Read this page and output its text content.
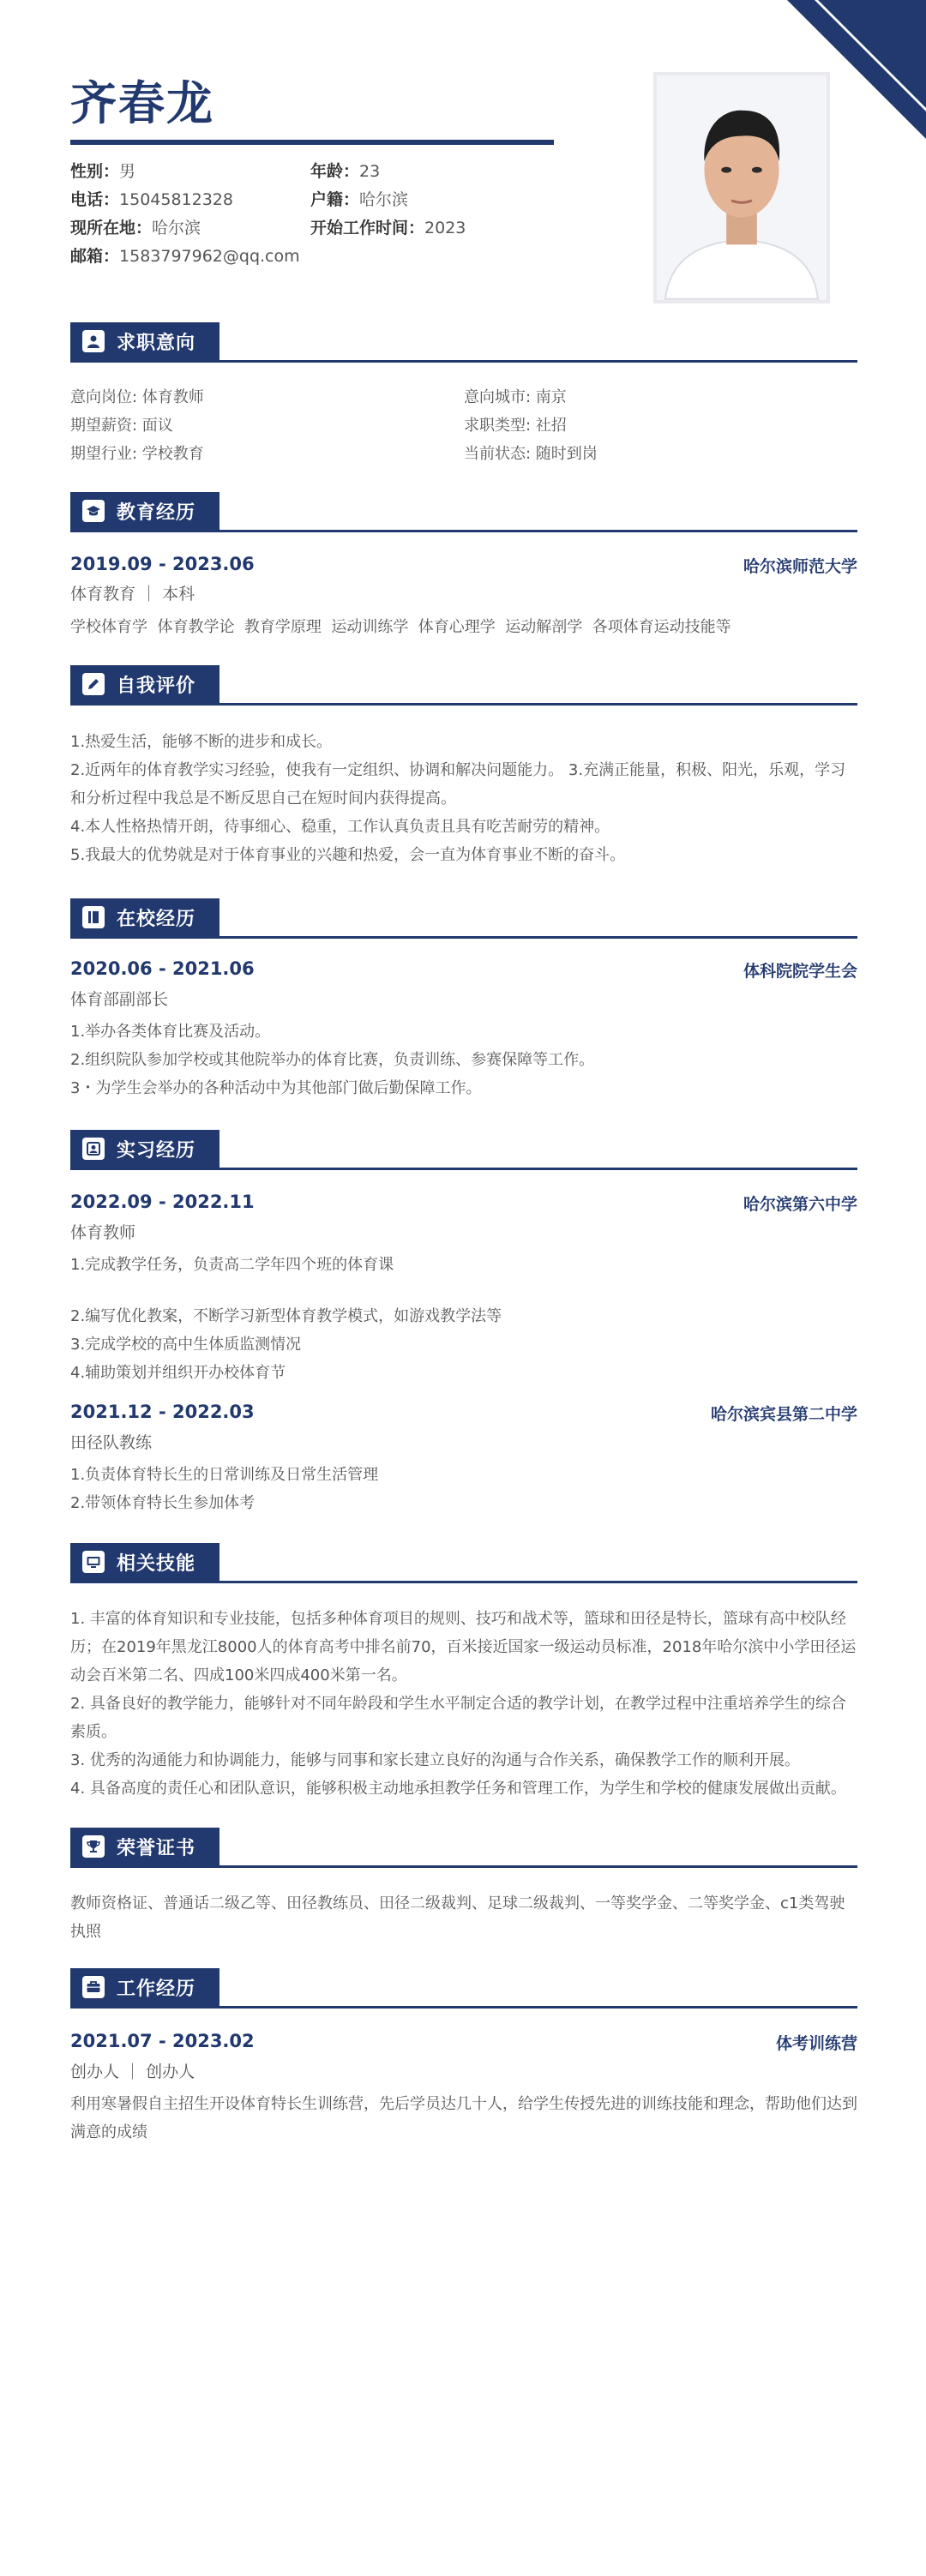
齐春龙
性别：男	年龄：23
电话：15045812328	户籍：哈尔滨
现所在地：哈尔滨	开始工作时间：2023
邮箱：1583797962@qq.com
求职意向
意向岗位: 体育教师	意向城市: 南京
期望薪资: 面议	求职类型: 社招
期望行业: 学校教育	当前状态: 随时到岗
教育经历
2019.09 - 2023.06	哈尔滨师范大学
体育教育 ｜ 本科

学校体育学  体育教学论  教育学原理  运动训练学  体育心理学  运动解剖学  各项体育运动技能等

自我评价

1.热爱生活，能够不断的进步和成长。

2.近两年的体育教学实习经验，使我有一定组织、协调和解决问题能力。 3.充满正能量，积极、阳光，乐观，学习和分析过程中我总是不断反思自己在短时间内获得提高。

4.本人性格热情开朗，待事细心、稳重，工作认真负责且具有吃苦耐劳的精神。

5.我最大的优势就是对于体育事业的兴趣和热爱，会一直为体育事业不断的奋斗。

在校经历
2020.06 - 2021.06	体科院院学生会
体育部副部长

1.举办各类体育比赛及活动。

2.组织院队参加学校或其他院举办的体育比赛，负责训练、参赛保障等工作。

3・为学生会举办的各种活动中为其他部门做后勤保障工作。

实习经历
2022.09 - 2022.11	哈尔滨第六中学
体育教师

1.完成教学任务，负责高二学年四个班的体育课

2.编写优化教案，不断学习新型体育教学模式，如游戏教学法等

3.完成学校的高中生体质监测情况

4.辅助策划并组织开办校体育节

2021.12 - 2022.03	哈尔滨宾县第二中学
田径队教练

1.负责体育特长生的日常训练及日常生活管理

2.带领体育特长生参加体考

相关技能

1. 丰富的体育知识和专业技能，包括多种体育项目的规则、技巧和战术等，篮球和田径是特长，篮球有高中校队经历；在2019年黑龙江8000人的体育高考中排名前70，百米接近国家一级运动员标准，2018年哈尔滨中小学田径运动会百米第二名、四成100米四成400米第一名。

2. 具备良好的教学能力，能够针对不同年龄段和学生水平制定合适的教学计划，在教学过程中注重培养学生的综合素质。

3. 优秀的沟通能力和协调能力，能够与同事和家长建立良好的沟通与合作关系，确保教学工作的顺利开展。

4. 具备高度的责任心和团队意识，能够积极主动地承担教学任务和管理工作，为学生和学校的健康发展做出贡献。

荣誉证书

教师资格证、普通话二级乙等、田径教练员、田径二级裁判、足球二级裁判、一等奖学金、二等奖学金、c1类驾驶执照

工作经历
2021.07 - 2023.02	体考训练营
创办人 ｜ 创办人

利用寒暑假自主招生开设体育特长生训练营，先后学员达几十人，给学生传授先进的训练技能和理念，帮助他们达到满意的成绩
